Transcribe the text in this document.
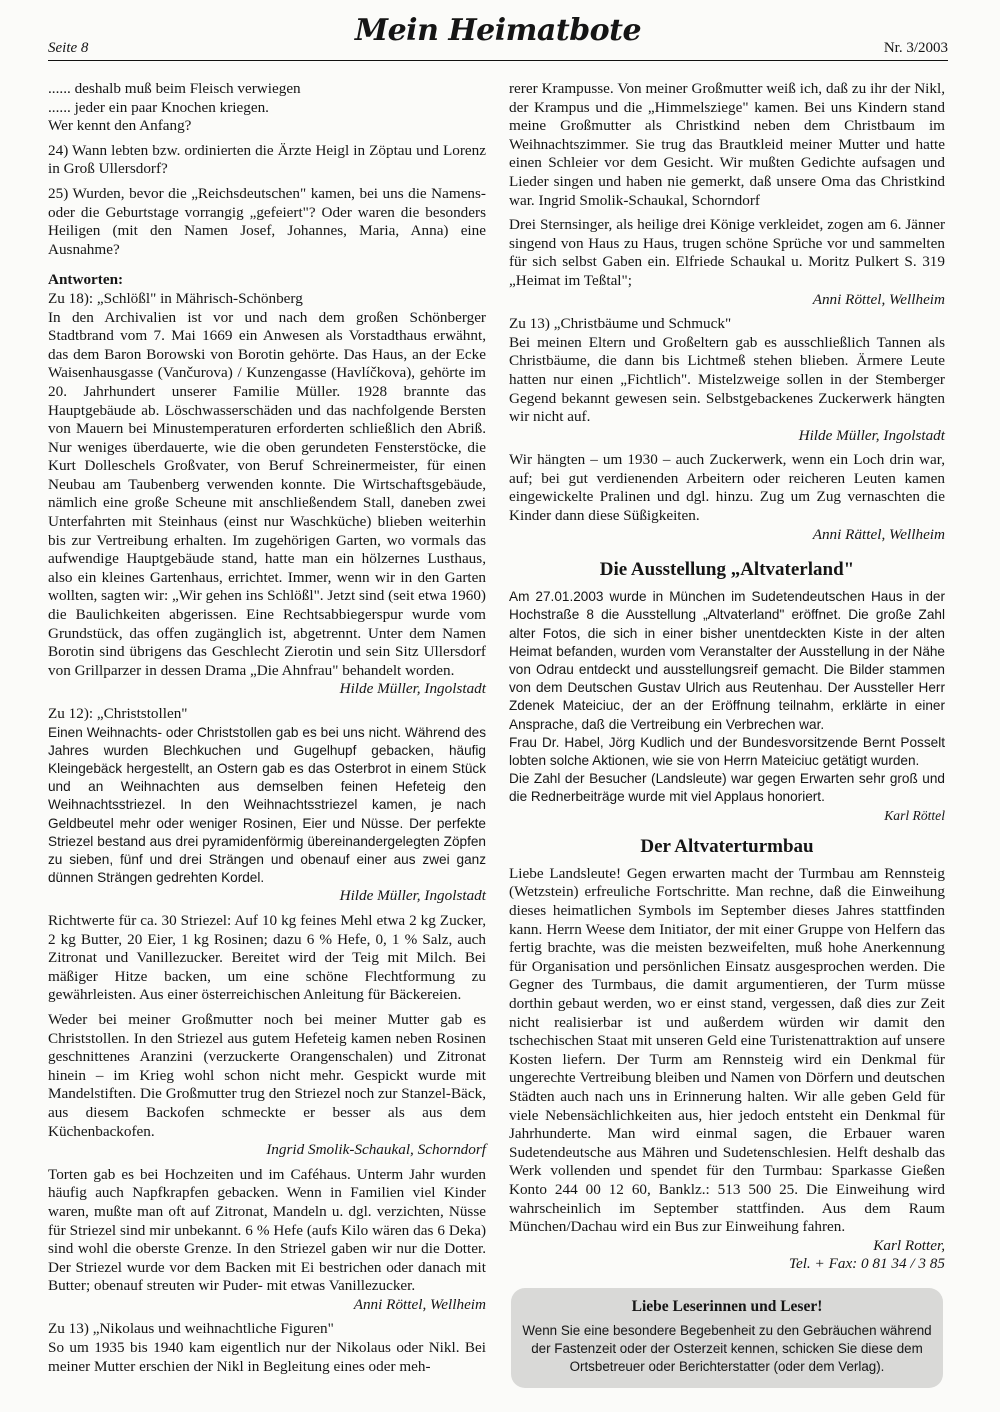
Seite 8	Mein Heimatbote	Nr. 3/2003

...... deshalb muß beim Fleisch verwiegen

...... jeder ein paar Knochen kriegen.

Wer kennt den Anfang?

24) Wann lebten bzw. ordinierten die Ärzte Heigl in Zöptau und Lorenz in Groß Ullersdorf?

25) Wurden, bevor die „Reichsdeutschen" kamen, bei uns die Namens- oder die Geburtstage vorrangig „gefeiert"? Oder waren die besonders Heiligen (mit den Namen Josef, Johannes, Maria, Anna) eine Ausnahme?

Antworten:

Zu 18): „Schlößl" in Mährisch-Schönberg

In den Archivalien ist vor und nach dem großen Schönberger Stadtbrand vom 7. Mai 1669 ein Anwesen als Vorstadthaus erwähnt, das dem Baron Borowski von Borotin gehörte. Das Haus, an der Ecke Waisenhausgasse (Vančurova) / Kunzengasse (Havlíčkova), gehörte im 20. Jahrhundert unserer Familie Müller. 1928 brannte das Hauptgebäude ab. Löschwasserschäden und das nachfolgende Bersten von Mauern bei Minustemperaturen erforderten schließlich den Abriß. Nur weniges überdauerte, wie die oben gerundeten Fensterstöcke, die Kurt Dolleschels Großvater, von Beruf Schreinermeister, für einen Neubau am Taubenberg verwenden konnte. Die Wirtschaftsgebäude, nämlich eine große Scheune mit anschließendem Stall, daneben zwei Unterfahrten mit Steinhaus (einst nur Waschküche) blieben weiterhin bis zur Vertreibung erhalten. Im zugehörigen Garten, wo vormals das aufwendige Hauptgebäude stand, hatte man ein hölzernes Lusthaus, also ein kleines Gartenhaus, errichtet. Immer, wenn wir in den Garten wollten, sagten wir: „Wir gehen ins Schlößl". Jetzt sind (seit etwa 1960) die Baulichkeiten abgerissen. Eine Rechtsabbiegerspur wurde vom Grundstück, das offen zugänglich ist, abgetrennt. Unter dem Namen Borotin sind übrigens das Geschlecht Zierotin und sein Sitz Ullersdorf von Grillparzer in dessen Drama „Die Ahnfrau" behandelt worden.

Hilde Müller, Ingolstadt

Zu 12): „Christstollen"

Einen Weihnachts- oder Christstollen gab es bei uns nicht. Während des Jahres wurden Blechkuchen und Gugelhupf gebacken, häufig Kleingebäck hergestellt, an Ostern gab es das Osterbrot in einem Stück und an Weihnachten aus demselben feinen Hefeteig den Weihnachtsstriezel. In den Weihnachtsstriezel kamen, je nach Geldbeutel mehr oder weniger Rosinen, Eier und Nüsse. Der perfekte Striezel bestand aus drei pyramidenförmig übereinandergelegten Zöpfen zu sieben, fünf und drei Strängen und obenauf einer aus zwei ganz dünnen Strängen gedrehten Kordel.

Hilde Müller, Ingolstadt

Richtwerte für ca. 30 Striezel: Auf 10 kg feines Mehl etwa 2 kg Zucker, 2 kg Butter, 20 Eier, 1 kg Rosinen; dazu 6 % Hefe, 0, 1 % Salz, auch Zitronat und Vanillezucker. Bereitet wird der Teig mit Milch. Bei mäßiger Hitze backen, um eine schöne Flechtformung zu gewährleisten. Aus einer österreichischen Anleitung für Bäckereien.

Weder bei meiner Großmutter noch bei meiner Mutter gab es Christstollen. In den Striezel aus gutem Hefeteig kamen neben Rosinen geschnittenes Aranzini (verzuckerte Orangenschalen) und Zitronat hinein – im Krieg wohl schon nicht mehr. Gespickt wurde mit Mandelstiften. Die Großmutter trug den Striezel noch zur Stanzel-Bäck, aus diesem Backofen schmeckte er besser als aus dem Küchenbackofen.

Ingrid Smolik-Schaukal, Schorndorf

Torten gab es bei Hochzeiten und im Caféhaus. Unterm Jahr wurden häufig auch Napfkrapfen gebacken. Wenn in Familien viel Kinder waren, mußte man oft auf Zitronat, Mandeln u. dgl. verzichten, Nüsse für Striezel sind mir unbekannt. 6 % Hefe (aufs Kilo wären das 6 Deka) sind wohl die oberste Grenze. In den Striezel gaben wir nur die Dotter. Der Striezel wurde vor dem Backen mit Ei bestrichen oder danach mit Butter; obenauf streuten wir Puder- mit etwas Vanillezucker.

Anni Röttel, Wellheim

Zu 13) „Nikolaus und weihnachtliche Figuren"

So um 1935 bis 1940 kam eigentlich nur der Nikolaus oder Nikl. Bei meiner Mutter erschien der Nikl in Begleitung eines oder meh-

rerer Krampusse. Von meiner Großmutter weiß ich, daß zu ihr der Nikl, der Krampus und die „Himmelsziege" kamen. Bei uns Kindern stand meine Großmutter als Christkind neben dem Christbaum im Weihnachtszimmer. Sie trug das Brautkleid meiner Mutter und hatte einen Schleier vor dem Gesicht. Wir mußten Gedichte aufsagen und Lieder singen und haben nie gemerkt, daß unsere Oma das Christkind war. Ingrid Smolik-Schaukal, Schorndorf

Drei Sternsinger, als heilige drei Könige verkleidet, zogen am 6. Jänner singend von Haus zu Haus, trugen schöne Sprüche vor und sammelten für sich selbst Gaben ein. Elfriede Schaukal u. Moritz Pulkert S. 319 „Heimat im Teßtal";

Anni Röttel, Wellheim

Zu 13) „Christbäume und Schmuck"

Bei meinen Eltern und Großeltern gab es ausschließlich Tannen als Christbäume, die dann bis Lichtmeß stehen blieben. Ärmere Leute hatten nur einen „Fichtlich". Mistelzweige sollen in der Stemberger Gegend bekannt gewesen sein. Selbstgebackenes Zuckerwerk hängten wir nicht auf.

Hilde Müller, Ingolstadt

Wir hängten – um 1930 – auch Zuckerwerk, wenn ein Loch drin war, auf; bei gut verdienenden Arbeitern oder reicheren Leuten kamen eingewickelte Pralinen und dgl. hinzu. Zug um Zug vernaschten die Kinder dann diese Süßigkeiten.

Anni Rättel, Wellheim

Die Ausstellung „Altvaterland"

Am 27.01.2003 wurde in München im Sudetendeutschen Haus in der Hochstraße 8 die Ausstellung „Altvaterland" eröffnet. Die große Zahl alter Fotos, die sich in einer bisher unentdeckten Kiste in der alten Heimat befanden, wurden vom Veranstalter der Ausstellung in der Nähe von Odrau entdeckt und ausstellungsreif gemacht. Die Bilder stammen von dem Deutschen Gustav Ulrich aus Reutenhau. Der Aussteller Herr Zdenek Mateiciuc, der an der Eröffnung teilnahm, erklärte in einer Ansprache, daß die Vertreibung ein Verbrechen war.

Frau Dr. Habel, Jörg Kudlich und der Bundesvorsitzende Bernt Posselt lobten solche Aktionen, wie sie von Herrn Mateiciuc getätigt wurden.

Die Zahl der Besucher (Landsleute) war gegen Erwarten sehr groß und die Rednerbeiträge wurde mit viel Applaus honoriert.

Karl Röttel

Der Altvaterturmbau

Liebe Landsleute! Gegen erwarten macht der Turmbau am Rennsteig (Wetzstein) erfreuliche Fortschritte. Man rechne, daß die Einweihung dieses heimatlichen Symbols im September dieses Jahres stattfinden kann. Herrn Weese dem Initiator, der mit einer Gruppe von Helfern das fertig brachte, was die meisten bezweifelten, muß hohe Anerkennung für Organisation und persönlichen Einsatz ausgesprochen werden. Die Gegner des Turmbaus, die damit argumentieren, der Turm müsse dorthin gebaut werden, wo er einst stand, vergessen, daß dies zur Zeit nicht realisierbar ist und außerdem würden wir damit den tschechischen Staat mit unseren Geld eine Turistenattraktion auf unsere Kosten liefern. Der Turm am Rennsteig wird ein Denkmal für ungerechte Vertreibung bleiben und Namen von Dörfern und deutschen Städten auch nach uns in Erinnerung halten. Wir alle geben Geld für viele Nebensächlichkeiten aus, hier jedoch entsteht ein Denkmal für Jahrhunderte. Man wird einmal sagen, die Erbauer waren Sudetendeutsche aus Mähren und Sudetenschlesien. Helft deshalb das Werk vollenden und spendet für den Turmbau: Sparkasse Gießen Konto 244 00 12 60, Banklz.: 513 500 25. Die Einweihung wird wahrscheinlich im September stattfinden. Aus dem Raum München/Dachau wird ein Bus zur Einweihung fahren.

Karl Rotter,

Tel. + Fax: 0 81 34 / 3 85

Liebe Leserinnen und Leser!
Wenn Sie eine besondere Begebenheit zu den Gebräuchen während der Fastenzeit oder der Osterzeit kennen, schicken Sie diese dem Ortsbetreuer oder Berichterstatter (oder dem Verlag).
